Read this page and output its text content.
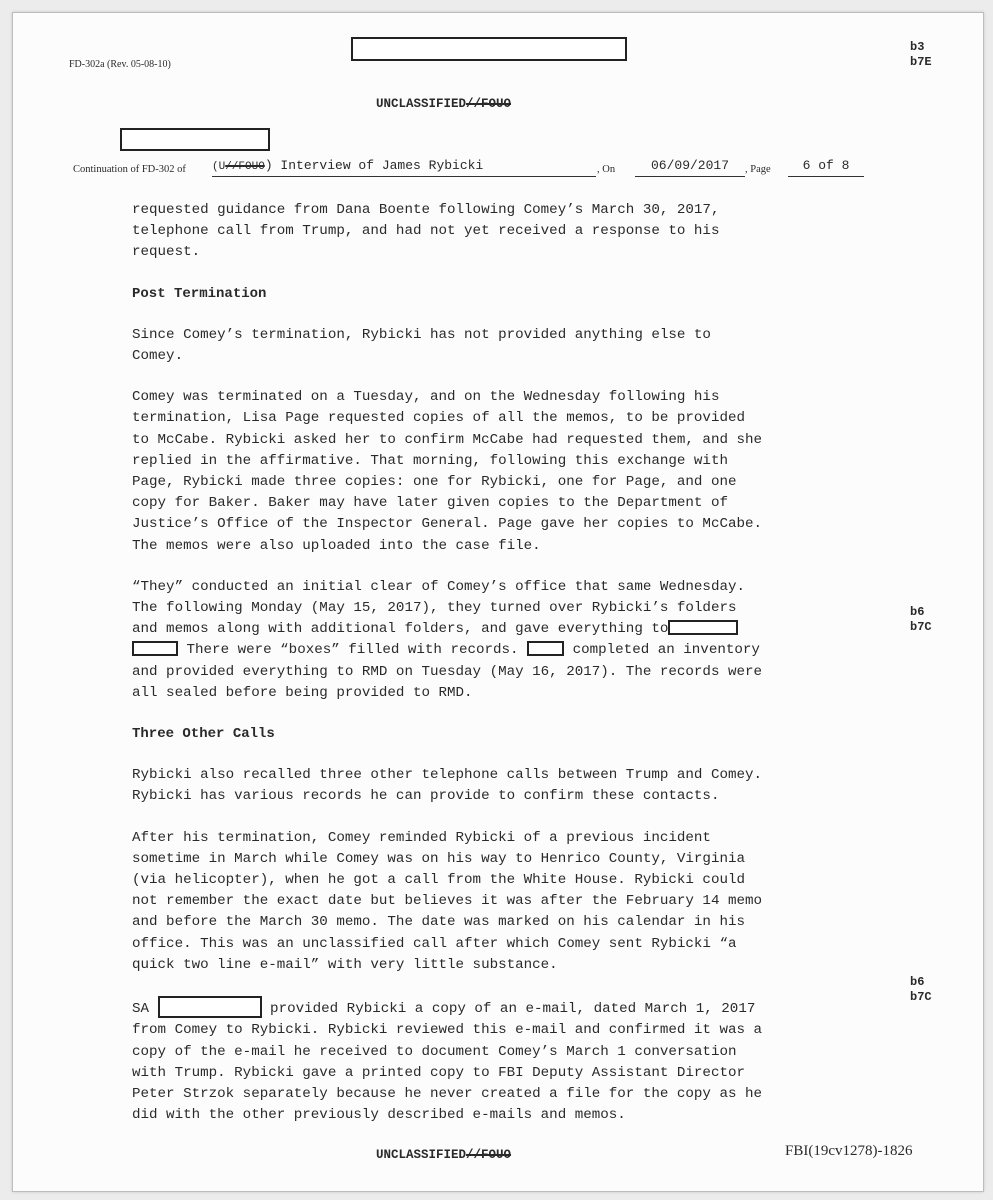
FD-302a (Rev. 05-08-10)
b3
b7E
UNCLASSIFIED//FOUO
Continuation of FD-302 of (U//FOUO) Interview of James Rybicki	, On	06/09/2017	, Page	6 of 8

requested guidance from Dana Boente following Comey’s March 30, 2017,
telephone call from Trump, and had not yet received a response to his
request.

Post Termination

Since Comey’s termination, Rybicki has not provided anything else to
Comey.

Comey was terminated on a Tuesday, and on the Wednesday following his
termination, Lisa Page requested copies of all the memos, to be provided
to McCabe. Rybicki asked her to confirm McCabe had requested them, and she
replied in the affirmative. That morning, following this exchange with
Page, Rybicki made three copies: one for Rybicki, one for Page, and one
copy for Baker. Baker may have later given copies to the Department of
Justice’s Office of the Inspector General. Page gave her copies to McCabe.
The memos were also uploaded into the case file.

“They” conducted an initial clear of Comey’s office that same Wednesday.
The following Monday (May 15, 2017), they turned over Rybicki’s folders
and memos along with additional folders, and gave everything to
There were “boxes” filled with records.	completed an inventory
and provided everything to RMD on Tuesday (May 16, 2017). The records were
all sealed before being provided to RMD.

Three Other Calls

Rybicki also recalled three other telephone calls between Trump and Comey.
Rybicki has various records he can provide to confirm these contacts.

After his termination, Comey reminded Rybicki of a previous incident
sometime in March while Comey was on his way to Henrico County, Virginia
(via helicopter), when he got a call from the White House. Rybicki could
not remember the exact date but believes it was after the February 14 memo
and before the March 30 memo. The date was marked on his calendar in his
office. This was an unclassified call after which Comey sent Rybicki “a
quick two line e-mail” with very little substance.

SA	provided Rybicki a copy of an e-mail, dated March 1, 2017
from Comey to Rybicki. Rybicki reviewed this e-mail and confirmed it was a
copy of the e-mail he received to document Comey’s March 1 conversation
with Trump. Rybicki gave a printed copy to FBI Deputy Assistant Director
Peter Strzok separately because he never created a file for the copy as he
did with the other previously described e-mails and memos.

b6
b7C
b6
b7C
UNCLASSIFIED//FOUO	FBI(19cv1278)-1826
